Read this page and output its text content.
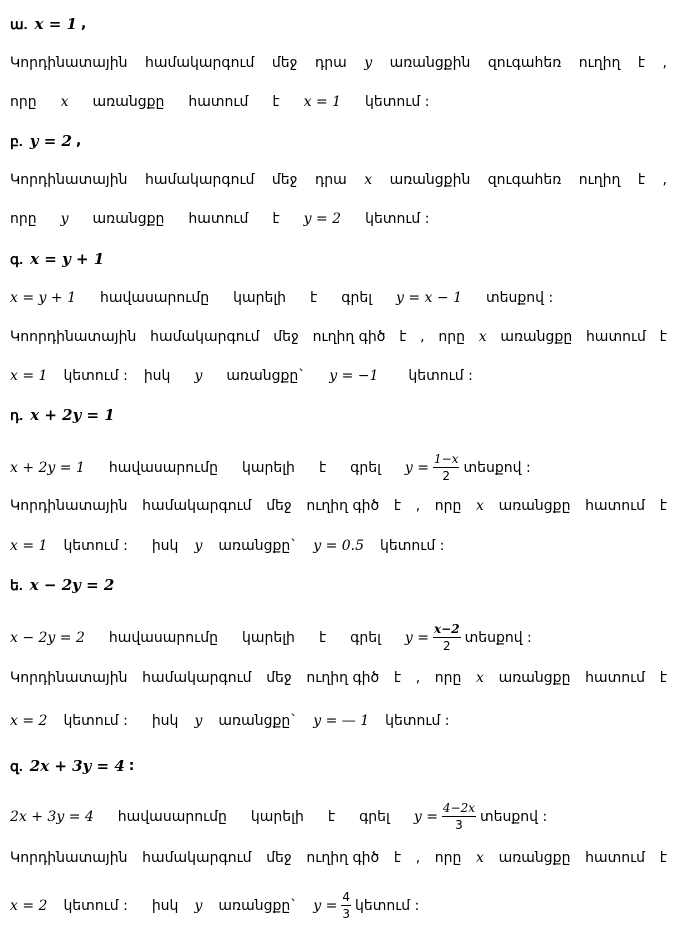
ա. x = 1 ,
Կորդինատային համակարգում մեջ դրա y առանցքին զուգահեռ ուղիղ է ,
որը x առանցքը հատում է x = 1 կետում :
բ. y = 2 ,
Կորդինատային համակարգում մեջ դրա x առանցքին զուգահեռ ուղիղ է ,
որը y առանցքը հատում է y = 2 կետում :
գ. x = y + 1
x = y + 1 հավասարումը կարելի է գրել y = x − 1 տեսքով :
Կոորդինատային համակարգում մեջ ուղիղ գիծ է , որը x առանցքը հատում է
x = 1 կետում : իսկ y առանցքը` y = −1 կետում :
դ. x + 2y = 1
x + 2y = 1 հավասարումը կարելի է գրել $y = \frac{1-x}{2}$ տեսքով :
Կորդինատային համակարգում մեջ ուղիղ գիծ է , որը x առանցքը հատում է
x = 1 կետում : իսկ y առանցքը` y = 0.5 կետում :
ե. x − 2y = 2
x − 2y = 2 հավասարումը կարելի է գրել $y = \frac{x-2}{2}$ տեսքով :
Կորդինատային համակարգում մեջ ուղիղ գիծ է , որը x առանցքը հատում է
x = 2 կետում : իսկ y առանցքը` y = — 1 կետում :
զ. 2x + 3y = 4 :
2x + 3y = 4 հավասարումը կարելի է գրել $y = \frac{4-2x}{3}$ տեսքով :
Կորդինատային համակարգում մեջ ուղիղ գիծ է , որը x առանցքը հատում է
x = 2 կետում : իսկ y առանցքը` $y = \frac{4}{3}$ կետում :
